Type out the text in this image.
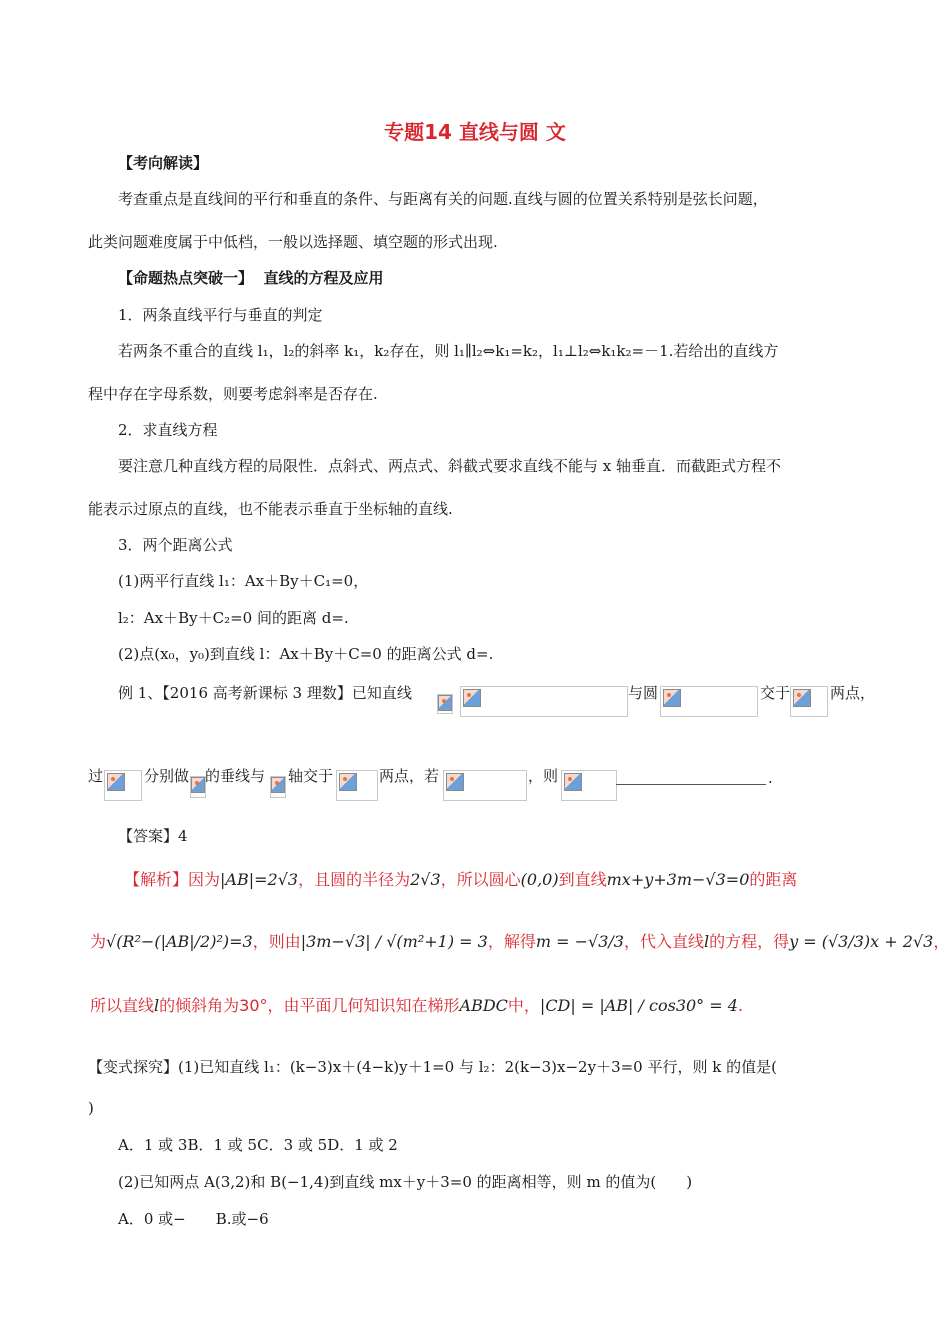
专题14 直线与圆 文
【考向解读】
考查重点是直线间的平行和垂直的条件、与距离有关的问题.直线与圆的位置关系特别是弦长问题，
此类问题难度属于中低档，一般以选择题、填空题的形式出现.
【命题热点突破一】 直线的方程及应用
1．两条直线平行与垂直的判定
若两条不重合的直线 l₁，l₂的斜率 k₁，k₂存在，则 l₁∥l₂⇔k₁=k₂，l₁⊥l₂⇔k₁k₂=－1.若给出的直线方
程中存在字母系数，则要考虑斜率是否存在.
2．求直线方程
要注意几种直线方程的局限性．点斜式、两点式、斜截式要求直线不能与 x 轴垂直．而截距式方程不
能表示过原点的直线，也不能表示垂直于坐标轴的直线.
3．两个距离公式
(1)两平行直线 l₁：Ax＋By＋C₁=0，
l₂：Ax＋By＋C₂=0 间的距离 d=.
(2)点(x₀，y₀)到直线 l：Ax＋By＋C=0 的距离公式 d=.
例 1、【2016 高考新课标 3 理数】已知直线	与圆	交于	两点，
过	分别做 的垂线与 轴交于	两点，若	，则	.
【答案】4
【解析】因为|AB|=2√3，且圆的半径为2√3，所以圆心(0,0)到直线mx+y+3m−√3=0的距离
为√(R²−(|AB|/2)²)=3，则由|3m−√3| / √(m²+1) = 3，解得m = −√3/3，代入直线l的方程，得y = (√3/3)x + 2√3，
所以直线l的倾斜角为30°，由平面几何知识知在梯形ABDC中，|CD| = |AB| / cos30° = 4.
【变式探究】(1)已知直线 l₁：(k−3)x＋(4−k)y＋1=0 与 l₂：2(k−3)x−2y＋3=0 平行，则 k 的值是(
)
A．1 或 3B．1 或 5C．3 或 5D．1 或 2
(2)已知两点 A(3,2)和 B(−1,4)到直线 mx＋y＋3=0 的距离相等，则 m 的值为(　　)
A．0 或−　　B.或−6
